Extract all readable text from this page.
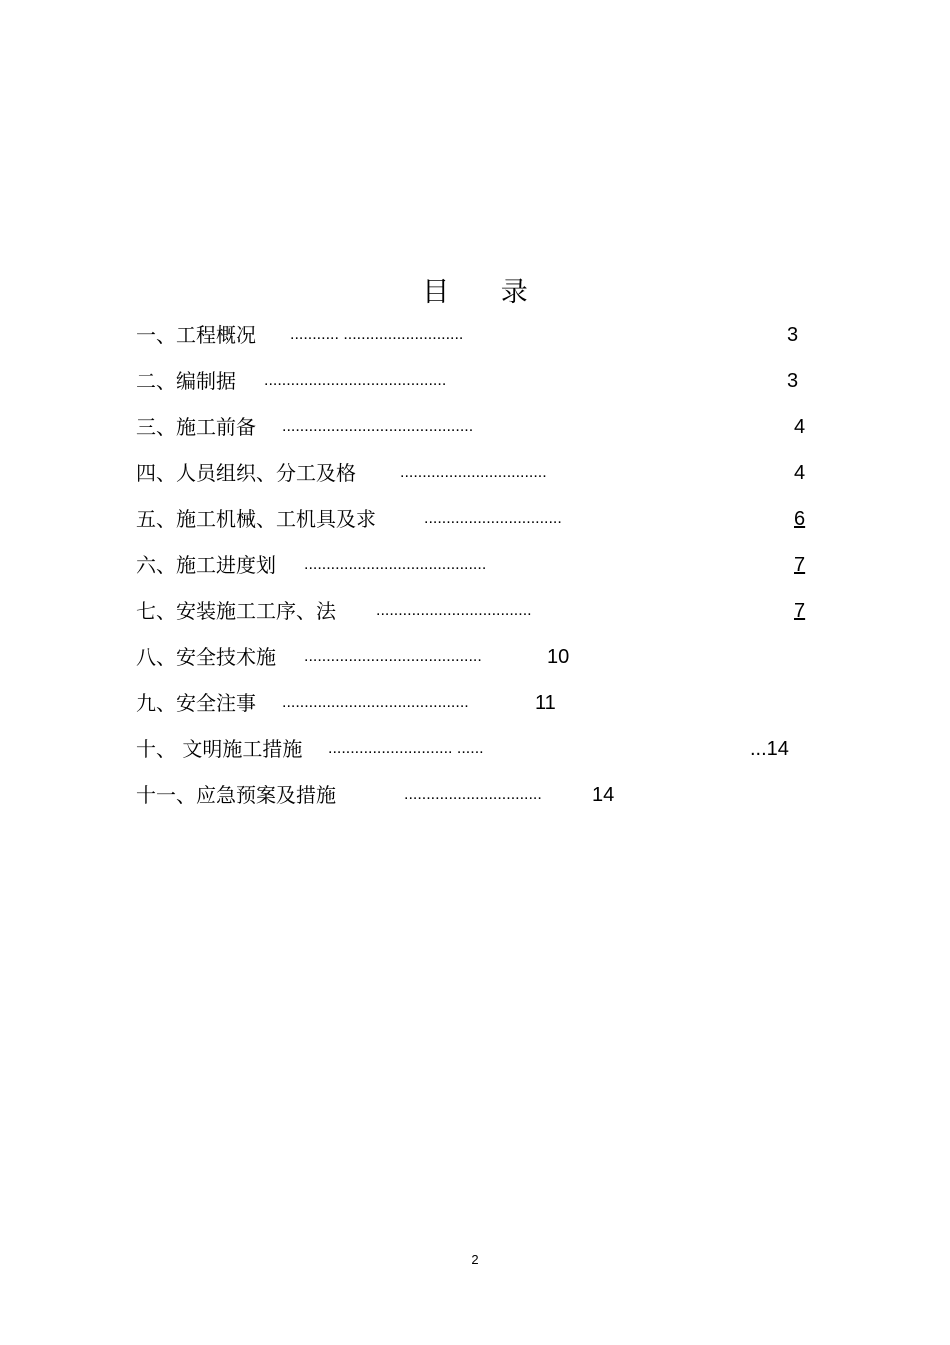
目      录
一、工程概况 ........... ...........................	3
二、编制据 .........................................	3
三、施工前备 ...........................................	4
四、人员组织、分工及格	.................................	4
五、施工机械、工机具及求	...............................	6
六、施工进度划 .........................................	7
七、安装施工工序、法	...................................	7
八、安全技术施 ........................................	10
九、安全注事 ..........................................	11
十、 文明施工措施 ............................ ......	...14
十一、应急预案及措施	...............................	14
2
